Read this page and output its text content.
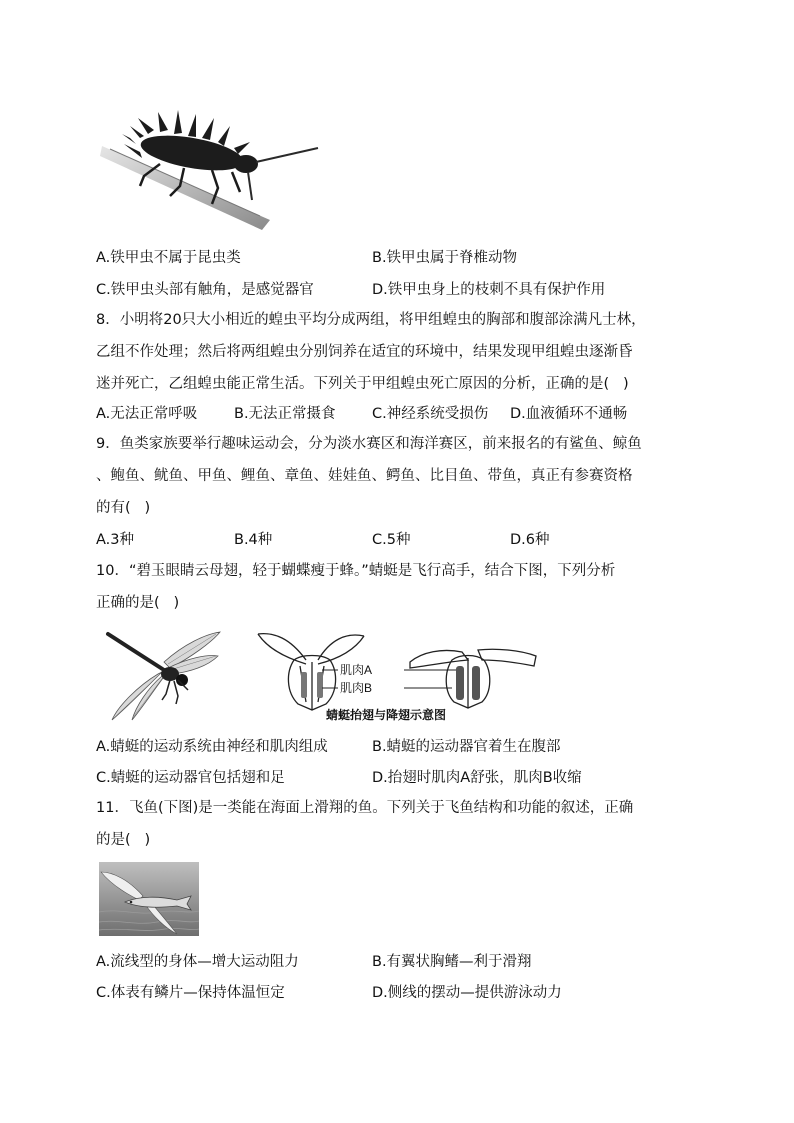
A.铁甲虫不属于昆虫类	B.铁甲虫属于脊椎动物
C.铁甲虫头部有触角，是感觉器官	D.铁甲虫身上的枝刺不具有保护作用
8．小明将20只大小相近的蝗虫平均分成两组，将甲组蝗虫的胸部和腹部涂满凡士林，
乙组不作处理；然后将两组蝗虫分别饲养在适宜的环境中，结果发现甲组蝗虫逐渐昏
迷并死亡，乙组蝗虫能正常生活。下列关于甲组蝗虫死亡原因的分析，正确的是(   )
A.无法正常呼吸	B.无法正常摄食	C.神经系统受损伤 D.血液循环不通畅
9．鱼类家族要举行趣味运动会，分为淡水赛区和海洋赛区，前来报名的有鲨鱼、鲸鱼
、鲍鱼、鱿鱼、甲鱼、鲤鱼、章鱼、娃娃鱼、鳄鱼、比目鱼、带鱼，真正有参赛资格
的有(   )
A.3种	B.4种	C.5种	D.6种
10．“碧玉眼睛云母翅，轻于蝴蝶瘦于蜂。”蜻蜓是飞行高手，结合下图，下列分析
正确的是(   )
肌肉A
肌肉B
蜻蜓抬翅与降翅示意图
A.蜻蜓的运动系统由神经和肌肉组成	B.蜻蜓的运动器官着生在腹部
C.蜻蜓的运动器官包括翅和足	D.抬翅时肌肉A舒张，肌肉B收缩
11．飞鱼(下图)是一类能在海面上滑翔的鱼。下列关于飞鱼结构和功能的叙述，正确
的是(   )
A.流线型的身体—增大运动阻力	B.有翼状胸鳍—利于滑翔
C.体表有鳞片—保持体温恒定	D.侧线的摆动—提供游泳动力
